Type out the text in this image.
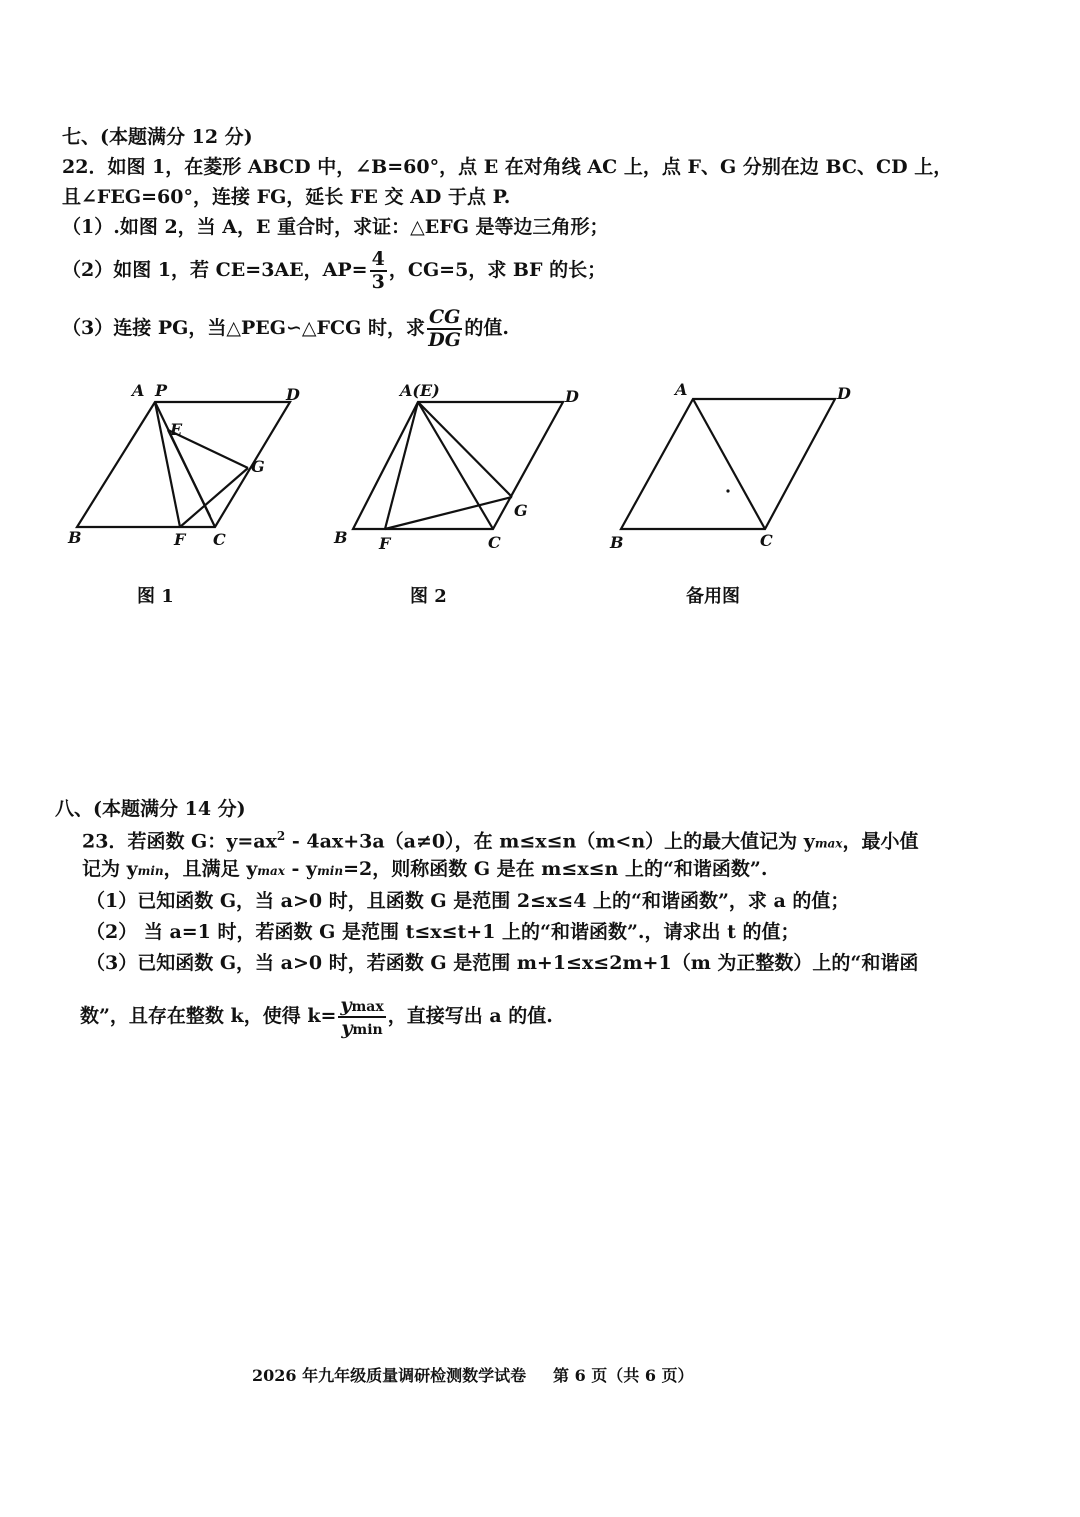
七、(本题满分 12 分)
22．如图 1，在菱形 ABCD 中，∠B=60°，点 E 在对角线 AC 上，点 F、G 分别在边 BC、CD 上，
且∠FEG=60°，连接 FG，延长 FE 交 AD 于点 P.
（1）.如图 2，当 A，E 重合时，求证：△EFG 是等边三角形；
（2）如图 1，若 CE=3AE，$AP= \frac{4}{3}$ ，CG=5，求 BF 的长；
（3）连接 PG，当△PEG∽△FCG 时，求 $\frac{CG}{DG}$ 的值.
A P	D
E
G
B	F C
A(E)	D
G
B F	C
A	D
B	C
图 1	图 2	备用图
八、(本题满分 14 分)
23．若函数 G：$y=ax^2 - 4ax+3a(a\ne 0)$，在 m≤x≤n（m<n）上的最大值记为 ymax，最小值
记为 ymin，且满足 ymax - ymin=2，则称函数 G 是在 m≤x≤n 上的“和谐函数”.
（1）已知函数 G，当 a>0 时，且函数 G 是范围 2≤x≤4 上的“和谐函数”，求 a 的值；
（2） 当 a=1 时，若函数 G 是范围 t≤x≤t+1 上的“和谐函数”.，请求出 t 的值；
（3）已知函数 G，当 a>0 时，若函数 G 是范围 m+1≤x≤2m+1（m 为正整数）上的“和谐函
数”，且存在整数 k，使得 $k= \frac{ymax}{ymin}$ ，直接写出 a 的值.
2026 年九年级质量调研检测数学试卷 第 6 页（共 6 页）
